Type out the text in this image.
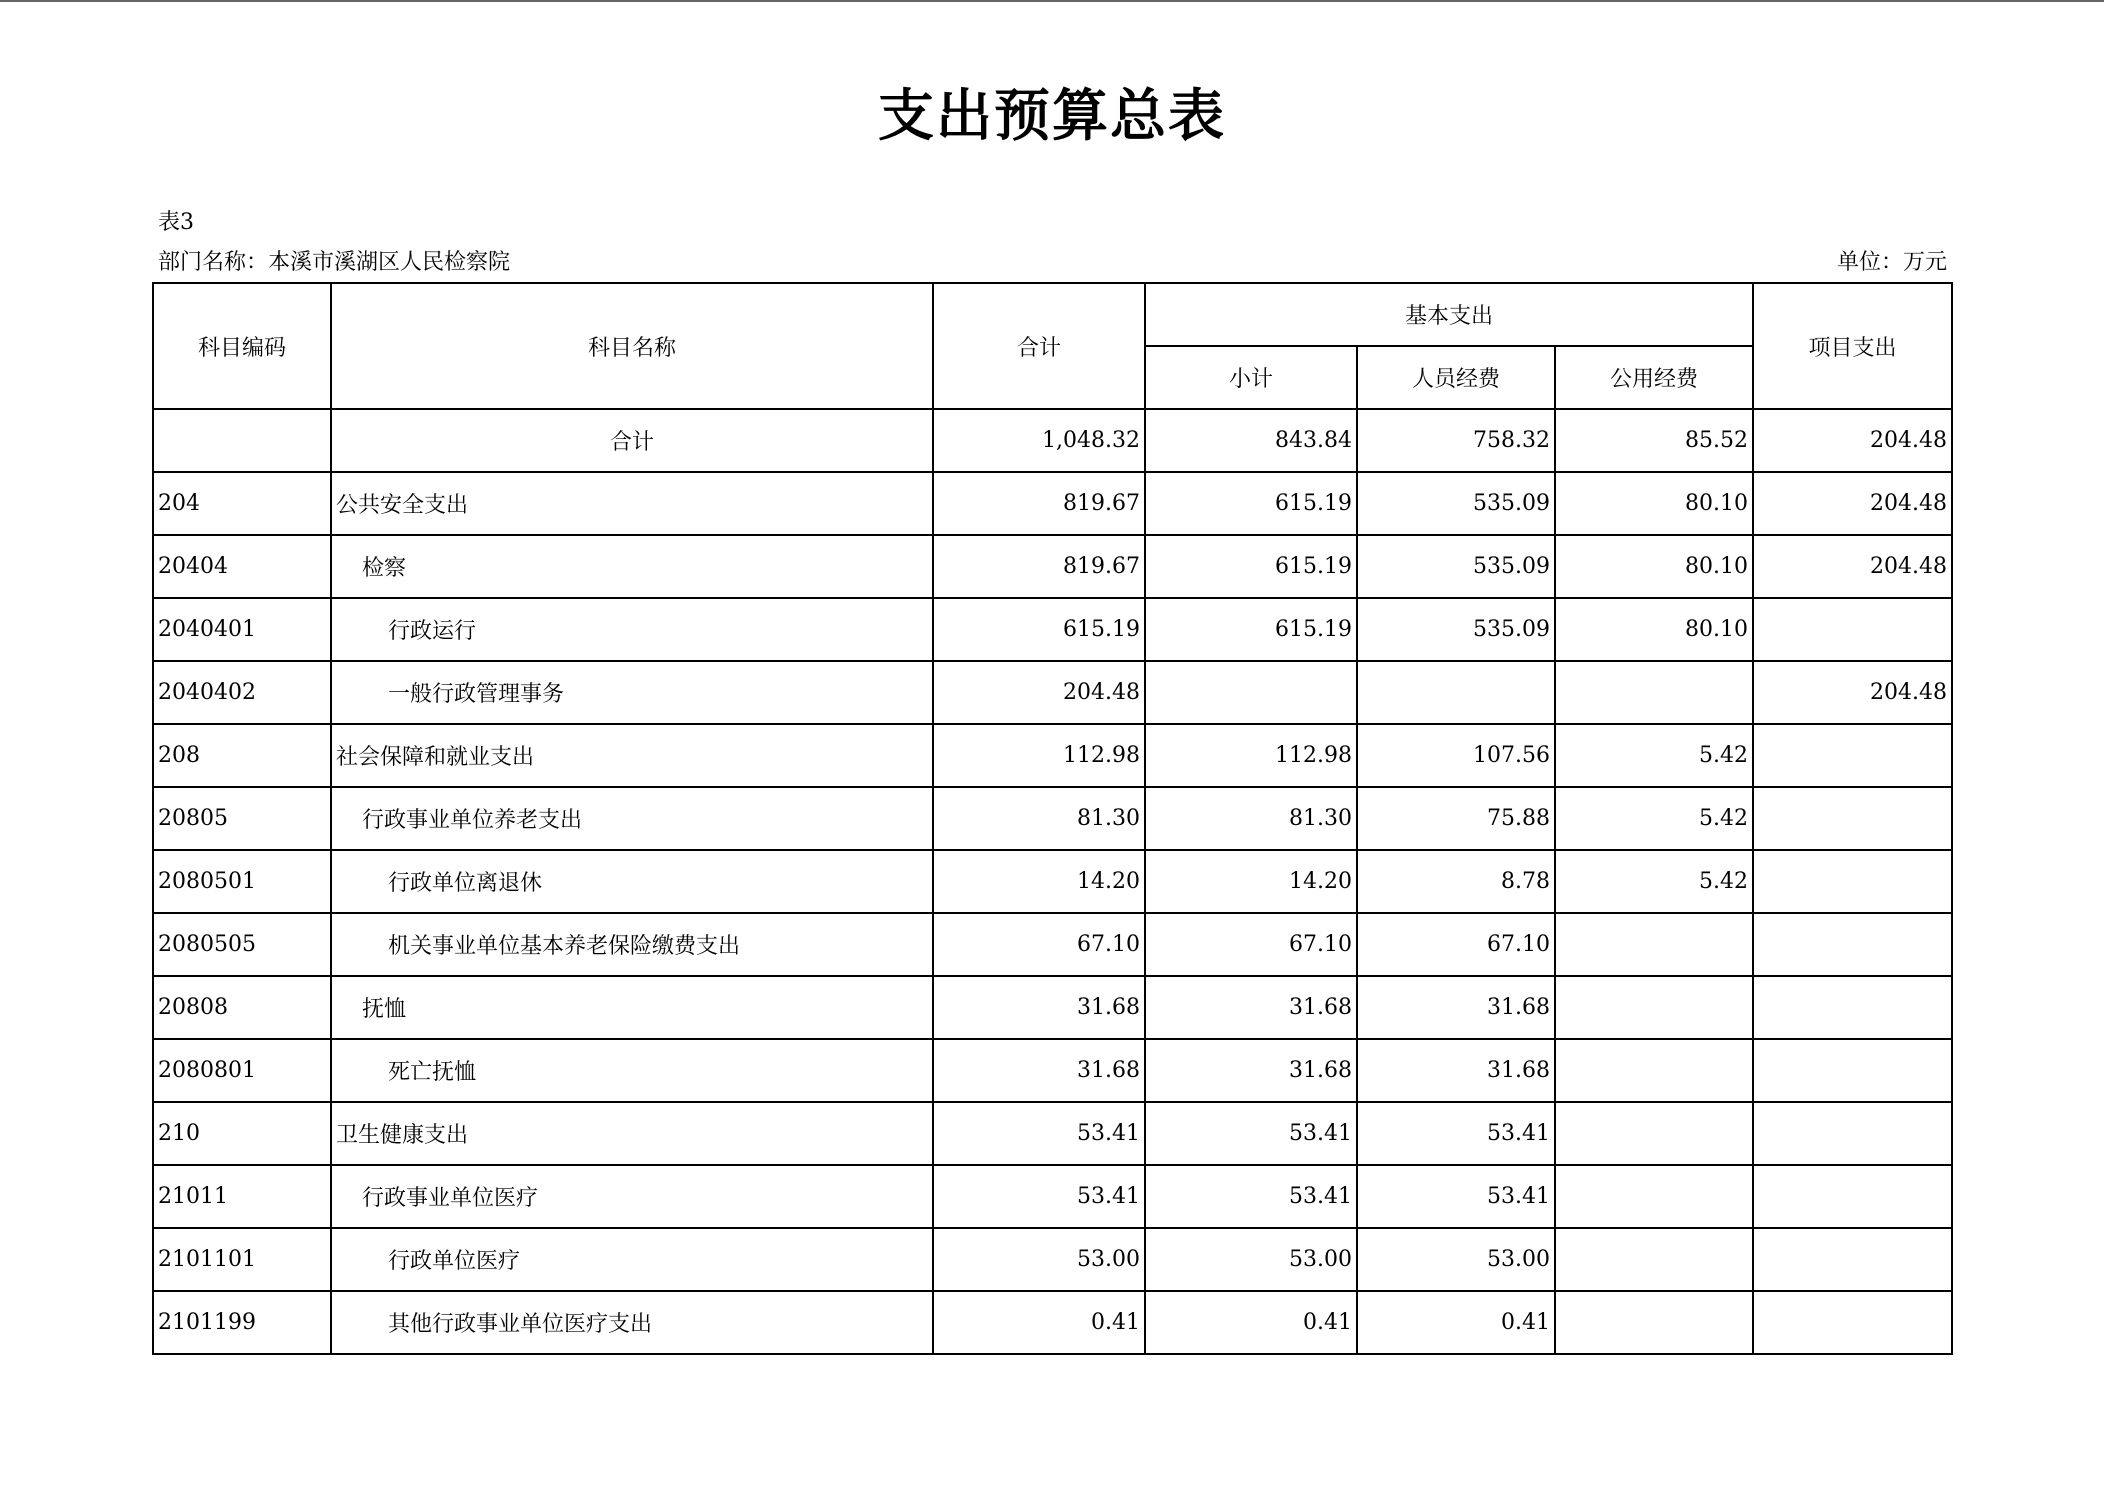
支出预算总表
表3
部门名称：本溪市溪湖区人民检察院	单位：万元
科目编码	科目名称	合计	基本支出			项目支出
			小计	人员经费	公用经费	
	合计	1,048.32	843.84	758.32	85.52	204.48
204	公共安全支出	819.67	615.19	535.09	80.10	204.48
20404	检察	819.67	615.19	535.09	80.10	204.48
2040401	行政运行	615.19	615.19	535.09	80.10	
2040402	一般行政管理事务	204.48				204.48
208	社会保障和就业支出	112.98	112.98	107.56	5.42	
20805	行政事业单位养老支出	81.30	81.30	75.88	5.42	
2080501	行政单位离退休	14.20	14.20	8.78	5.42	
2080505	机关事业单位基本养老保险缴费支出	67.10	67.10	67.10		
20808	抚恤	31.68	31.68	31.68		
2080801	死亡抚恤	31.68	31.68	31.68		
210	卫生健康支出	53.41	53.41	53.41		
21011	行政事业单位医疗	53.41	53.41	53.41		
2101101	行政单位医疗	53.00	53.00	53.00		
2101199	其他行政事业单位医疗支出	0.41	0.41	0.41		
